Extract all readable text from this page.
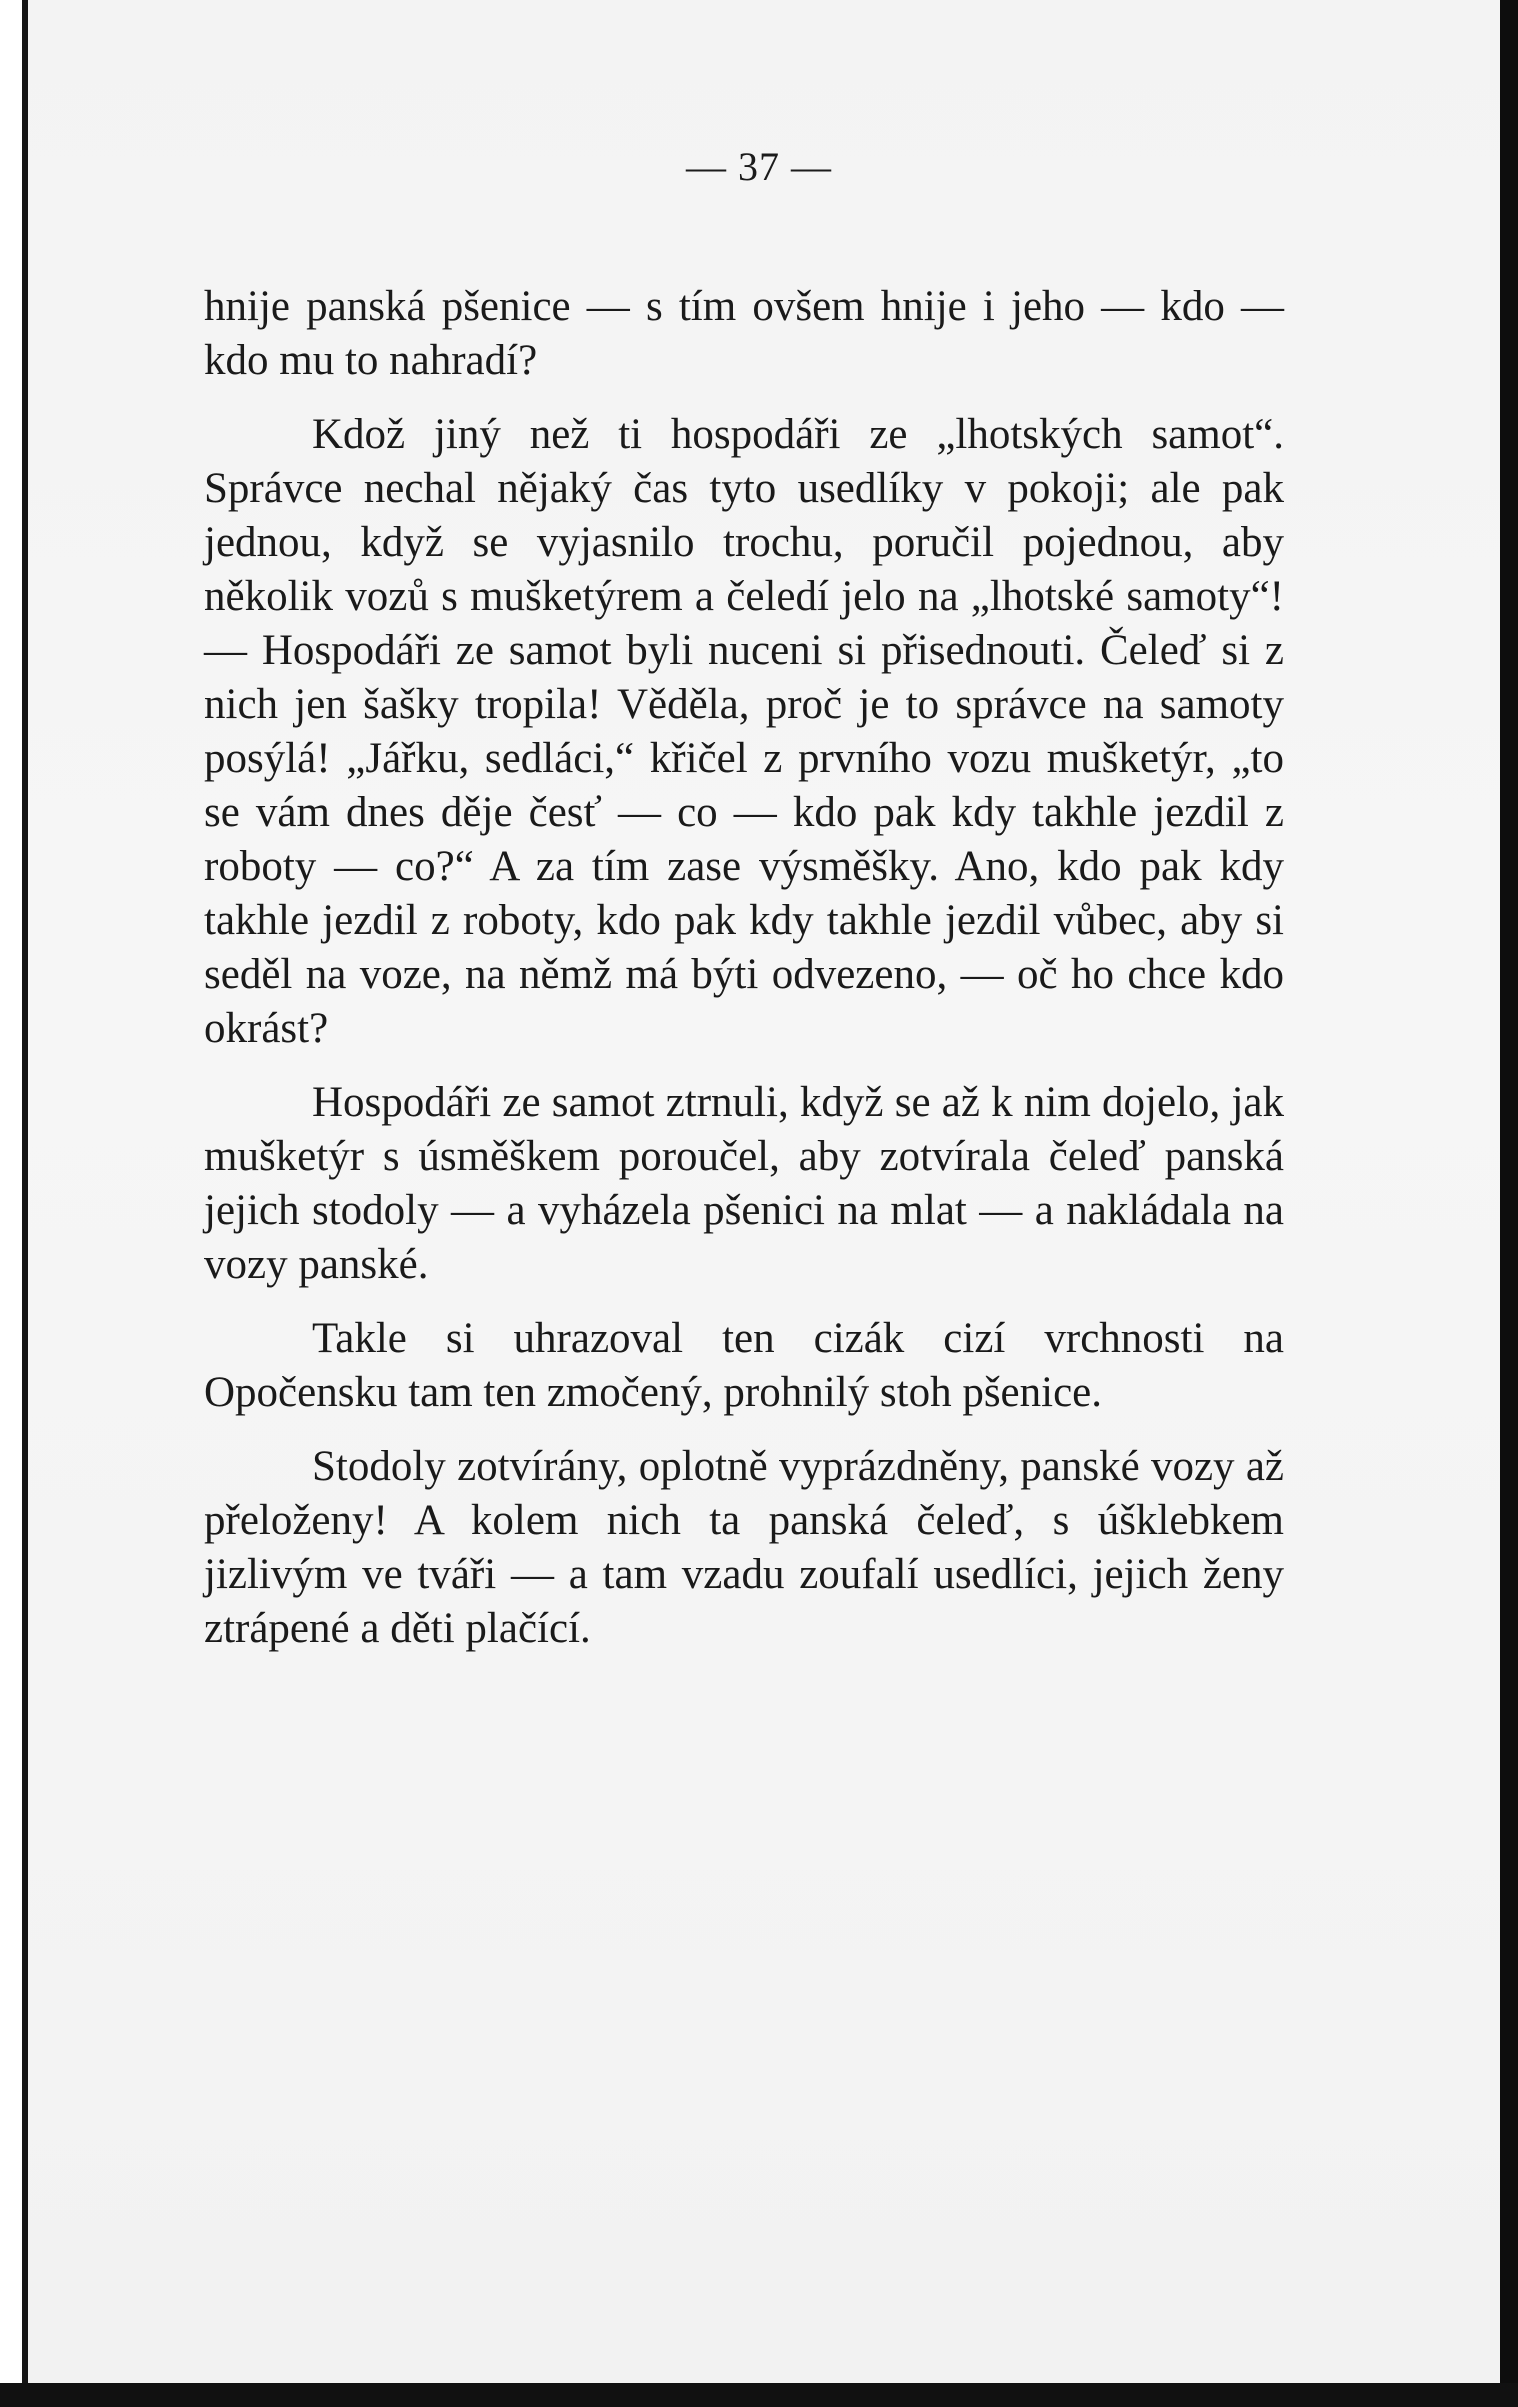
— 37 —

hnije panská pšenice — s tím ovšem hnije i jeho — kdo — kdo mu to nahradí?

Kdož jiný než ti hospodáři ze „lhotských samot“. Správce nechal nějaký čas tyto usedlíky v pokoji; ale pak jednou, když se vyjasnilo trochu, poručil pojednou, aby několik vozů s mušketýrem a čeledí jelo na „lhotské samoty“! — Hospodáři ze samot byli nuceni si přisednouti. Čeleď si z nich jen šašky tropila! Věděla, proč je to správce na samoty posýlá! „Jářku, sedláci,“ křičel z prvního vozu mušketýr, „to se vám dnes děje česť — co — kdo pak kdy takhle jezdil z roboty — co?“ A za tím zase výsměšky. Ano, kdo pak kdy takhle jezdil z roboty, kdo pak kdy takhle jezdil vůbec, aby si seděl na voze, na němž má býti odvezeno, — oč ho chce kdo okrást?

Hospodáři ze samot ztrnuli, když se až k nim dojelo, jak mušketýr s úsměškem poroučel, aby zotvírala čeleď panská jejich stodoly — a vyházela pšenici na mlat — a nakládala na vozy panské.

Takle si uhrazoval ten cizák cizí vrchnosti na Opočensku tam ten zmočený, prohnilý stoh pšenice.

Stodoly zotvírány, oplotně vyprázdněny, panské vozy až přeloženy! A kolem nich ta panská čeleď, s úšklebkem jizlivým ve tváři — a tam vzadu zoufalí usedlíci, jejich ženy ztrápené a děti plačící.
